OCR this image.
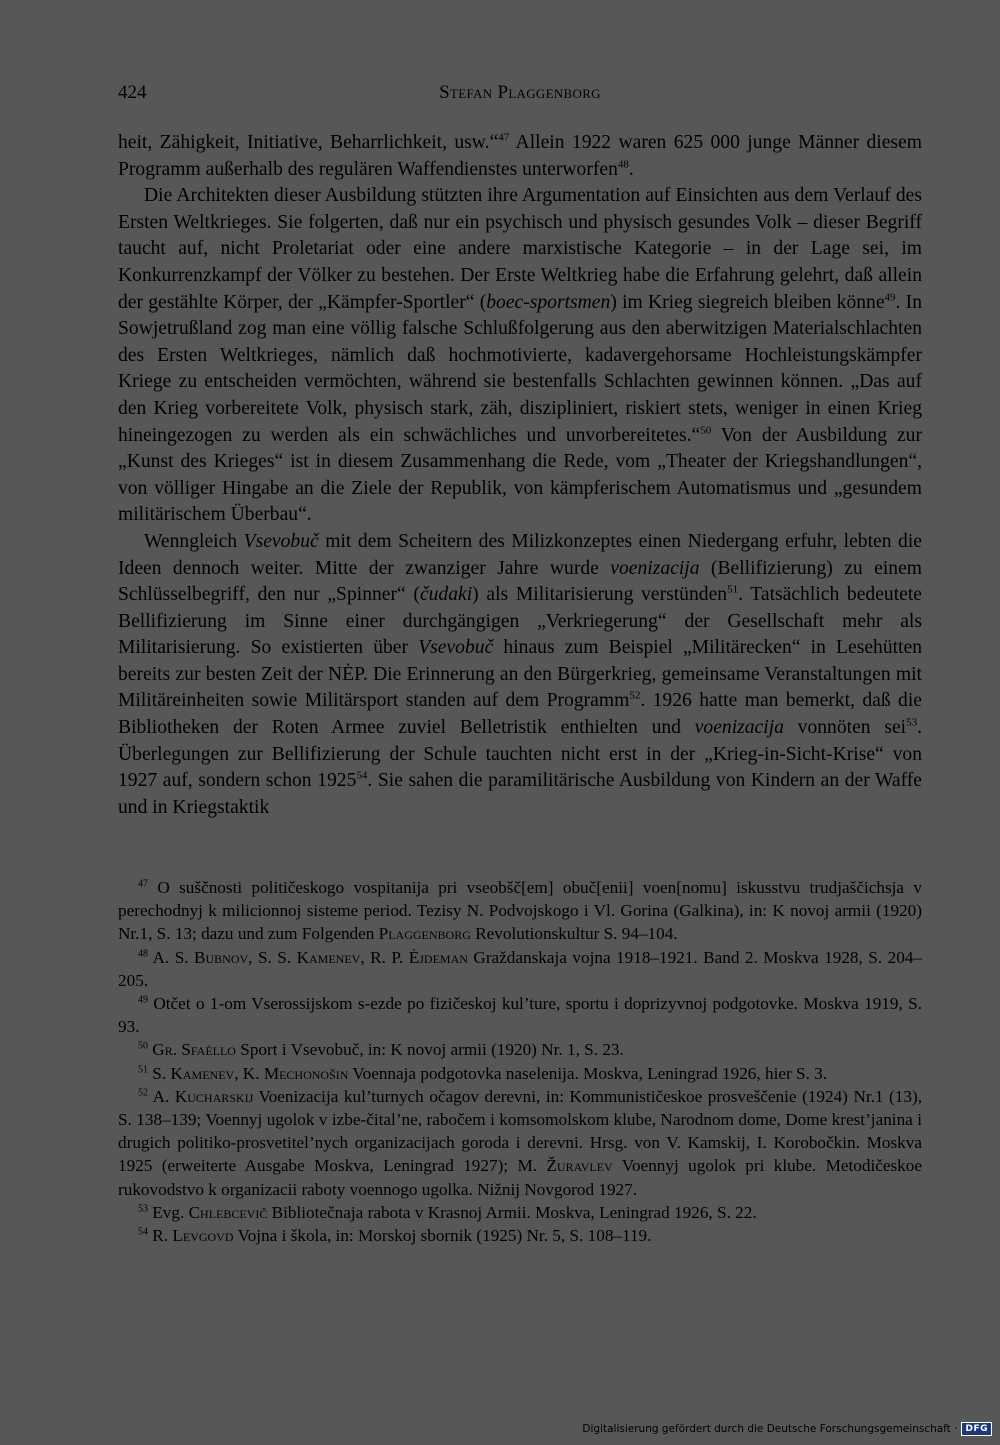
424	Stefan Plaggenborg

heit, Zähigkeit, Initiative, Beharrlichkeit, usw.“$^{47}$ Allein 1922 waren 625 000 junge Männer diesem Programm außerhalb des regulären Waffendienstes unterworfen$^{48}$.

Die Architekten dieser Ausbildung stützten ihre Argumentation auf Einsichten aus dem Verlauf des Ersten Weltkrieges. Sie folgerten, daß nur ein psychisch und physisch gesundes Volk – dieser Begriff taucht auf, nicht Proletariat oder eine andere marxistische Kategorie – in der Lage sei, im Konkurrenzkampf der Völker zu bestehen. Der Erste Weltkrieg habe die Erfahrung gelehrt, daß allein der gestählte Körper, der „Kämpfer-Sportler“ (boec-sportsmen) im Krieg siegreich bleiben könne$^{49}$. In Sowjetrußland zog man eine völlig falsche Schlußfolgerung aus den aberwitzigen Materialschlachten des Ersten Weltkrieges, nämlich daß hochmotivierte, kadavergehorsame Hochleistungskämpfer Kriege zu entscheiden vermöchten, während sie bestenfalls Schlachten gewinnen können. „Das auf den Krieg vorbereitete Volk, physisch stark, zäh, diszipliniert, riskiert stets, weniger in einen Krieg hineingezogen zu werden als ein schwächliches und unvorbereitetes.“$^{50}$ Von der Ausbildung zur „Kunst des Krieges“ ist in diesem Zusammenhang die Rede, vom „Theater der Kriegshandlungen“, von völliger Hingabe an die Ziele der Republik, von kämpferischem Automatismus und „gesundem militärischem Überbau“.

Wenngleich Vsevobuč mit dem Scheitern des Milizkonzeptes einen Niedergang erfuhr, lebten die Ideen dennoch weiter. Mitte der zwanziger Jahre wurde voenizacija (Bellifizierung) zu einem Schlüsselbegriff, den nur „Spinner“ (čudaki) als Militarisierung verstünden$^{51}$. Tatsächlich bedeutete Bellifizierung im Sinne einer durchgängigen „Verkriegerung“ der Gesellschaft mehr als Militarisierung. So existierten über Vsevobuč hinaus zum Beispiel „Militärecken“ in Lesehütten bereits zur besten Zeit der NĖP. Die Erinnerung an den Bürgerkrieg, gemeinsame Veranstaltungen mit Militäreinheiten sowie Militärsport standen auf dem Programm$^{52}$. 1926 hatte man bemerkt, daß die Bibliotheken der Roten Armee zuviel Belletristik enthielten und voenizacija vonnöten sei$^{53}$. Überlegungen zur Bellifizierung der Schule tauchten nicht erst in der „Krieg-in-Sicht-Krise“ von 1927 auf, sondern schon 1925$^{54}$. Sie sahen die paramilitärische Ausbildung von Kindern an der Waffe und in Kriegstaktik

$^{47}$ O suščnosti političeskogo vospitanija pri vseobšč[em] obuč[enii] voen[nomu] iskusstvu trudjaščichsja v perechodnyj k milicionnoj sisteme period. Tezisy N. Podvojskogo i Vl. Gorina (Galkina), in: K novoj armii (1920) Nr.1, S. 13; dazu und zum Folgenden Plaggenborg Revolutionskultur S. 94–104.

$^{48}$ A. S. Bubnov, S. S. Kamenev, R. P. Ėjdeman Graždanskaja vojna 1918–1921. Band 2. Moskva 1928, S. 204–205.

$^{49}$ Otčet o 1-om Vserossijskom s-ezde po fizičeskoj kul’ture, sportu i doprizyvnoj podgotovke. Moskva 1919, S. 93.

$^{50}$ Gr. Sfaėllo Sport i Vsevobuč, in: K novoj armii (1920) Nr. 1, S. 23.

$^{51}$ S. Kamenev, K. Mechonošin Voennaja podgotovka naselenija. Moskva, Leningrad 1926, hier S. 3.

$^{52}$ A. Kucharskij Voenizacija kul’turnych očagov derevni, in: Kommunističeskoe prosveščenie (1924) Nr.1 (13), S. 138–139; Voennyj ugolok v izbe-čital’ne, rabočem i komsomolskom klube, Narodnom dome, Dome krest’janina i drugich politiko-prosvetitel’nych organizacijach goroda i derevni. Hrsg. von V. Kamskij, I. Korobočkin. Moskva 1925 (erweiterte Ausgabe Moskva, Leningrad 1927); M. Žuravlev Voennyj ugolok pri klube. Metodičeskoe rukovodstvo k organizacii raboty voennogo ugolka. Nižnij Novgorod 1927.

$^{53}$ Evg. Chlebcevič Bibliotečnaja rabota v Krasnoj Armii. Moskva, Leningrad 1926, S. 22.

$^{54}$ R. Levgovd Vojna i škola, in: Morskoj sbornik (1925) Nr. 5, S. 108–119.

Digitalisierung gefördert durch die Deutsche Forschungsgemeinschaft · DFG
